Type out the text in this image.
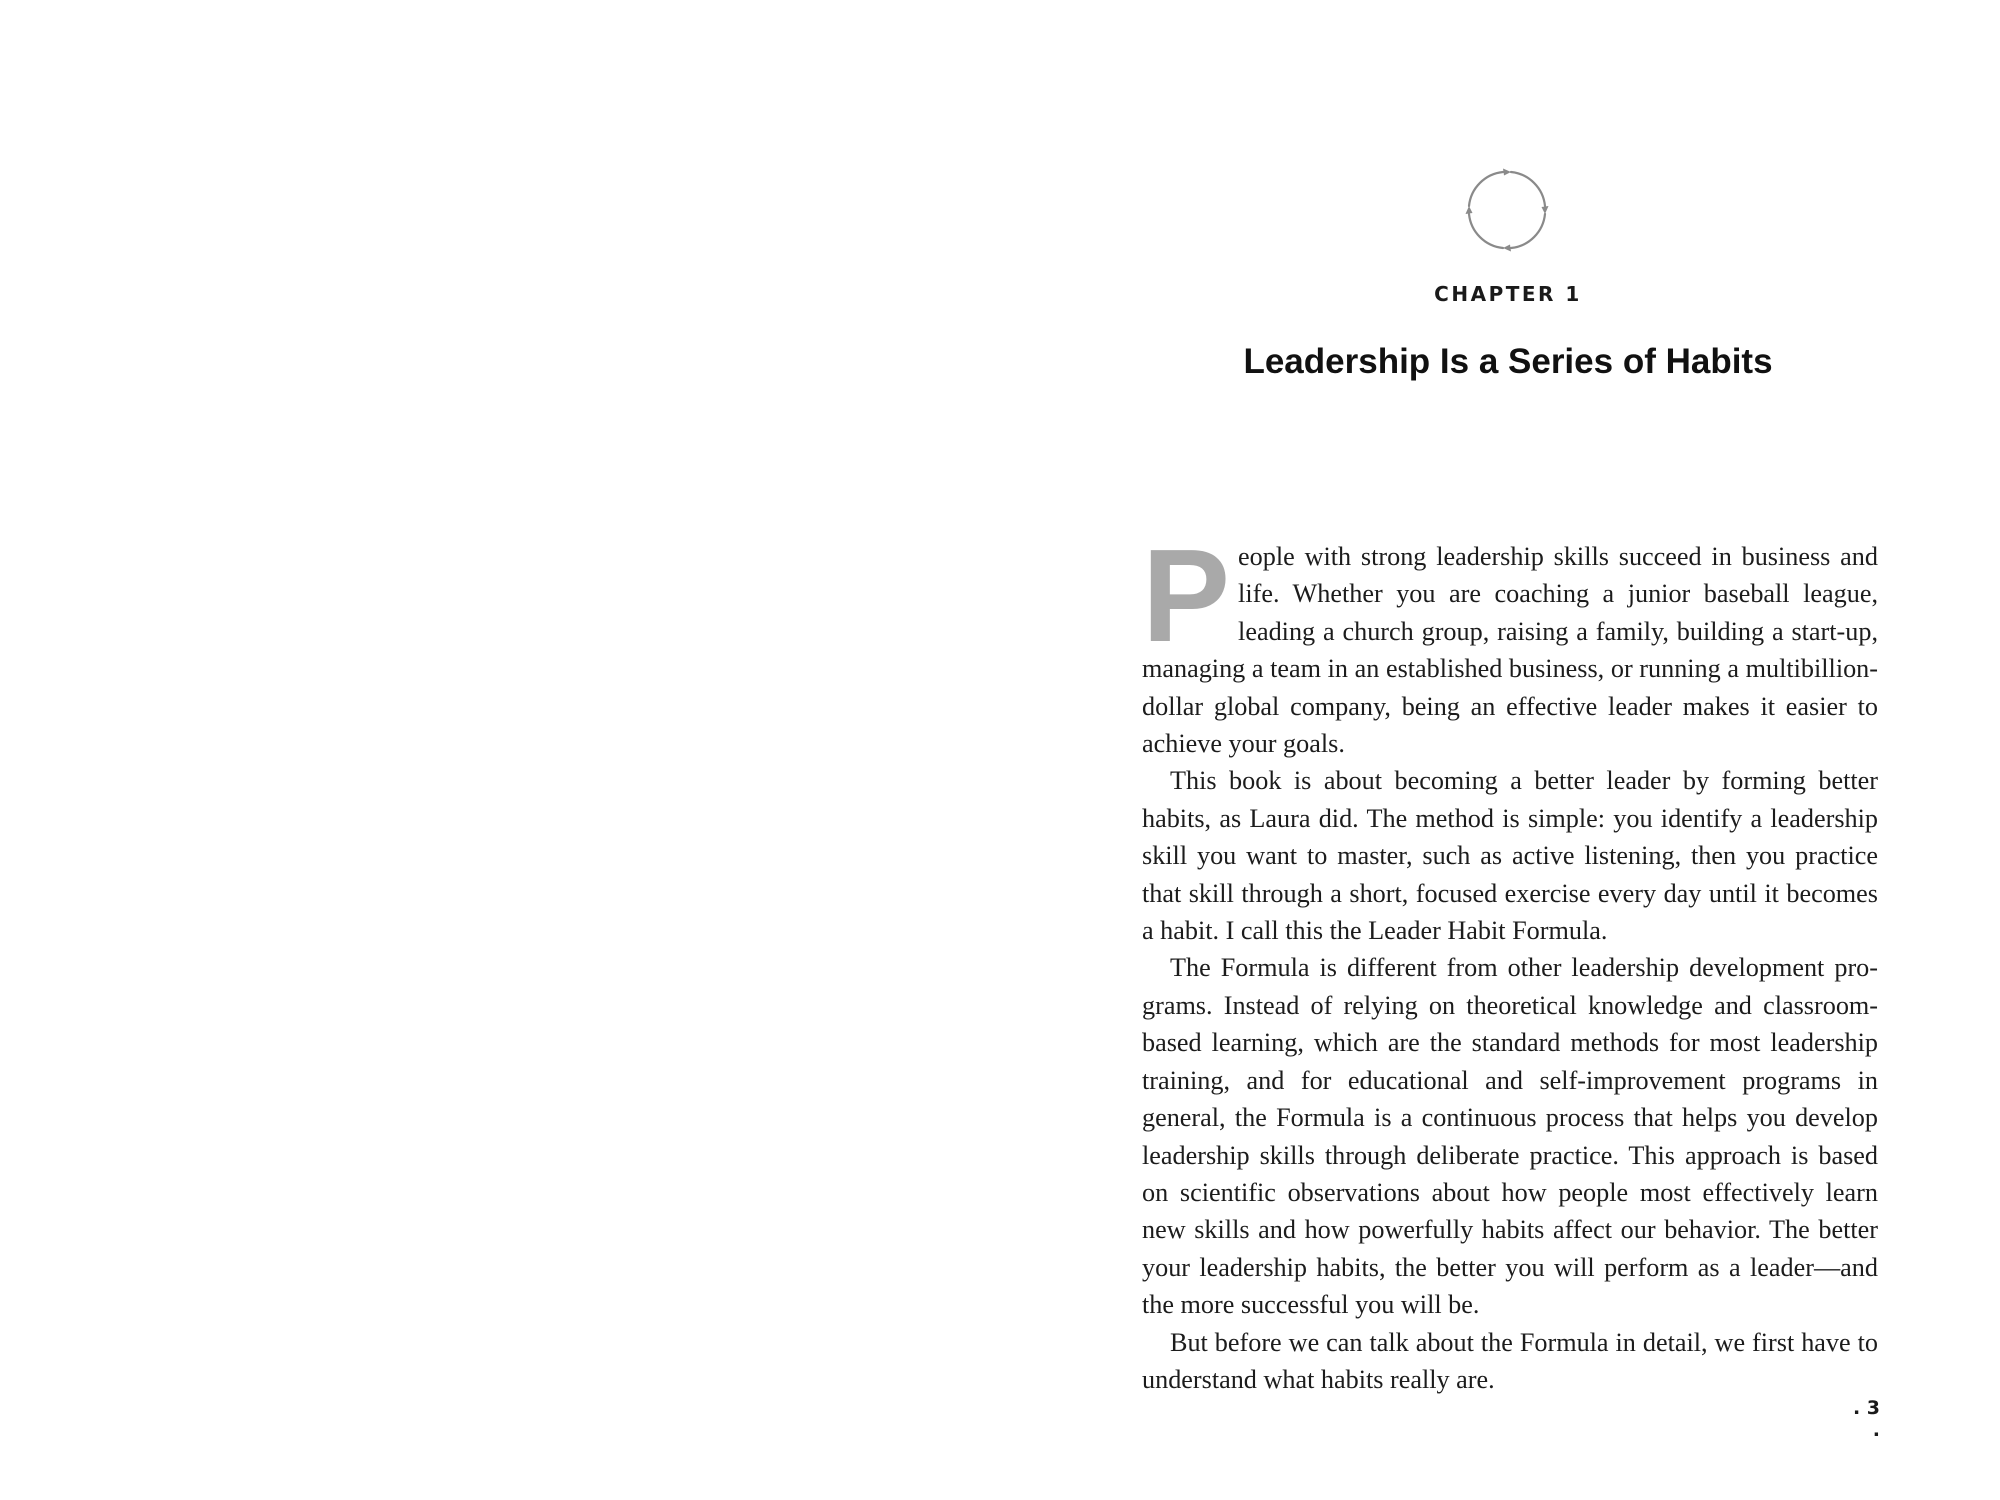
CHAPTER 1
Leadership Is a Series of Habits

People with strong leadership skills succeed in business and life. Whether you are coaching a junior baseball league, leading a church group, raising a family, building a start-up, managing a team in an established business, or running a multibillion-dollar global company, being an effective leader makes it easier to achieve your goals.

This book is about becoming a better leader by forming better habits, as Laura did. The method is simple: you identify a leadership skill you want to master, such as active listening, then you practice that skill through a short, focused exercise every day until it becomes a habit. I call this the Leader Habit Formula.

The Formula is different from other leadership development programs. Instead of relying on theoretical knowledge and classroom-based learning, which are the standard methods for most leadership training, and for educational and self-improvement programs in general, the Formula is a continuous process that helps you develop leadership skills through deliberate practice. This approach is based on scientific observations about how people most effectively learn new skills and how powerfully habits affect our behavior. The better your leadership habits, the better you will perform as a leader—and the more successful you will be.

But before we can talk about the Formula in detail, we first have to understand what habits really are.

. 3 .
